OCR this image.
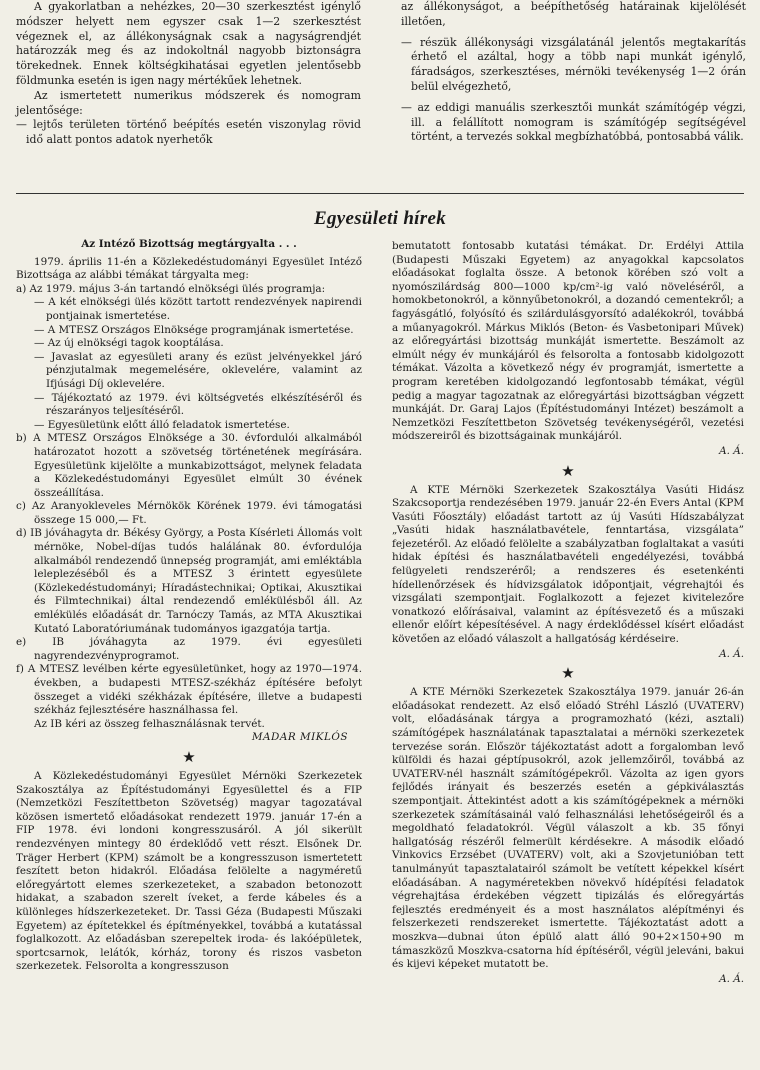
A gyakorlatban a nehézkes, 20—30 szerkesztést igénylő módszer helyett nem egyszer csak 1—2 szerkesztést végeznek el, az állékonyságnak csak a nagyságrendjét határozzák meg és az indokoltnál nagyobb biztonságra törekednek. Ennek költségkihatásai egyetlen jelentősebb földmunka esetén is igen nagy mértékűek lehetnek.

Az ismertetett numerikus módszerek és nomogram jelentősége:

— lejtős területen történő beépítés esetén viszonylag rövid idő alatt pontos adatok nyerhetők

az állékonyságot, a beépíthetőség határainak kijelölését illetően,

— részük állékonysági vizsgálatánál jelentős megtakarítás érhető el azáltal, hogy a több napi munkát igénylő, fáradságos, szerkesztéses, mérnöki tevékenység 1—2 órán belül elvégezhető,

— az eddigi manuális szerkesztői munkát számítógép végzi, ill. a felállított nomogram is számítógép segítségével történt, a tervezés sokkal megbízhatóbbá, pontosabbá válik.

Egyesületi hírek

Az Intéző Bizottság megtárgyalta . . .

1979. április 11-én a Közlekedéstudományi Egyesület Intéző Bizottsága az alábbi témákat tárgyalta meg:

a) Az 1979. május 3-án tartandó elnökségi ülés programja:

— A két elnökségi ülés között tartott rendezvények napirendi pontjainak ismertetése.

— A MTESZ Országos Elnöksége programjának ismertetése.

— Az új elnökségi tagok kooptálása.

— Javaslat az egyesületi arany és ezüst jelvényekkel járó pénzjutalmak megemelésére, oklevelére, valamint az Ifjúsági Díj oklevelére.

— Tájékoztató az 1979. évi költségvetés elkészítéséről és részarányos teljesítéséről.

— Egyesületünk előtt álló feladatok ismertetése.

b) A MTESZ Országos Elnöksége a 30. évfordulói alkalmából határozatot hozott a szövetség történetének megírására. Egyesületünk kijelölte a munkabizottságot, melynek feladata a Közlekedéstudományi Egyesület elmúlt 30 évének összeállítása.

c) Az Aranyokleveles Mérnökök Körének 1979. évi támogatási összege 15 000,— Ft.

d) IB jóváhagyta dr. Békésy György, a Posta Kísérleti Állomás volt mérnöke, Nobel-díjas tudós halálának 80. évfordulója alkalmából rendezendő ünnepség programját, ami emléktábla leleplezéséből és a MTESZ 3 érintett egyesülete (Közlekedéstudományi; Híradástechnikai; Optikai, Akusztikai és Filmtechnikai) által rendezendő emlékülésből áll. Az emlékülés előadását dr. Tarnóczy Tamás, az MTA Akusztikai Kutató Laboratóriumának tudományos igazgatója tartja.

e) IB jóváhagyta az 1979. évi egyesületi nagyrendezvényprogramot.

f) A MTESZ levélben kérte egyesületünket, hogy az 1970—1974. években, a budapesti MTESZ-székház építésére befolyt összeget a vidéki székházak építésére, illetve a budapesti székház fejlesztésére használhassa fel.

Az IB kéri az összeg felhasználásnak tervét.

MADAR MIKLÓS

★

A Közlekedéstudományi Egyesület Mérnöki Szerkezetek Szakosztálya az Építéstudományi Egyesülettel és a FIP (Nemzetközi Feszítettbeton Szövetség) magyar tagozatával közösen ismertető előadásokat rendezett 1979. január 17-én a FIP 1978. évi londoni kongresszusáról. A jól sikerült rendezvényen mintegy 80 érdeklődő vett részt. Elsőnek Dr. Träger Herbert (KPM) számolt be a kongresszuson ismertetett feszített beton hidakról. Előadása felölelte a nagyméretű előregyártott elemes szerkezeteket, a szabadon betonozott hidakat, a szabadon szerelt íveket, a ferde kábeles és a különleges hídszerkezeteket. Dr. Tassi Géza (Budapesti Műszaki Egyetem) az építetekkel és építményekkel, továbbá a kutatással foglalkozott. Az előadásban szerepeltek iroda- és lakóépületek, sportcsarnok, lelátók, kórház, torony és riszos vasbeton szerkezetek. Felsorolta a kongresszuson

bemutatott fontosabb kutatási témákat. Dr. Erdélyi Attila (Budapesti Műszaki Egyetem) az anyagokkal kapcsolatos előadásokat foglalta össze. A betonok körében szó volt a nyomószilárdság 800—1000 kp/cm²-ig való növeléséről, a homokbetonokról, a könnyűbetonokról, a dozandó cementekről; a fagyásgátló, folyósító és szilárdulásgyorsító adalékokról, továbbá a műanyagokról. Márkus Miklós (Beton- és Vasbetonipari Művek) az előregyártási bizottság munkáját ismertette. Beszámolt az elmúlt négy év munkájáról és felsorolta a fontosabb kidolgozott témákat. Vázolta a következő négy év programját, ismertette a program keretében kidolgozandó legfontosabb témákat, végül pedig a magyar tagozatnak az előregyártási bizottságban végzett munkáját. Dr. Garaj Lajos (Építéstudományi Intézet) beszámolt a Nemzetközi Feszítettbeton Szövetség tevékenységéről, vezetési módszereiről és bizottságainak munkájáról.

A. Á.

★

A KTE Mérnöki Szerkezetek Szakosztálya Vasúti Hidász Szakcsoportja rendezésében 1979. január 22-én Evers Antal (KPM Vasúti Főosztály) előadást tartott az új Vasúti Hídszabályzat „Vasúti hidak használatbavétele, fenntartása, vizsgálata” fejezetéről. Az előadó felölelte a szabályzatban foglaltakat a vasúti hidak építési és használatbavételi engedélyezési, továbbá felügyeleti rendszeréről; a rendszeres és esetenkénti hídellenőrzések és hídvizsgálatok időpontjait, végrehajtói és vizsgálati szempontjait. Foglalkozott a fejezet kivitelezőre vonatkozó előírásaival, valamint az építésvezető és a műszaki ellenőr előírt képesítésével. A nagy érdeklődéssel kísért előadást követően az előadó válaszolt a hallgatóság kérdéseire.

A. Á.

★

A KTE Mérnöki Szerkezetek Szakosztálya 1979. január 26-án előadásokat rendezett. Az első előadó Stréhl László (UVATERV) volt, előadásának tárgya a programozható (kézi, asztali) számítógépek használatának tapasztalatai a mérnöki szerkezetek tervezése során. Először tájékoztatást adott a forgalomban levő külföldi és hazai géptípusokról, azok jellemzőiről, továbbá az UVATERV-nél használt számítógépekről. Vázolta az igen gyors fejlődés irányait és beszerzés esetén a gépkiválasztás szempontjait. Áttekintést adott a kis számítógépeknek a mérnöki szerkezetek számításainál való felhasználási lehetőségeiről és a megoldható feladatokról. Végül válaszolt a kb. 35 főnyi hallgatóság részéről felmerült kérdésekre. A második előadó Vinkovics Erzsébet (UVATERV) volt, aki a Szovjetunióban tett tanulmányút tapasztalatairól számolt be vetített képekkel kísért előadásában. A nagyméretekben növekvő hídépítési feladatok végrehajtása érdekében végzett tipizálás és előregyártás fejlesztés eredményeit és a most használatos alépítményi és felszerkezeti rendszereket ismertette. Tájékoztatást adott a moszkva—dubnai úton épülő alatt álló 90+2×150+90 m támaszközű Moszkva-csatorna híd építéséről, végül jeleváni, bakui és kijevi képeket mutatott be.

A. Á.
